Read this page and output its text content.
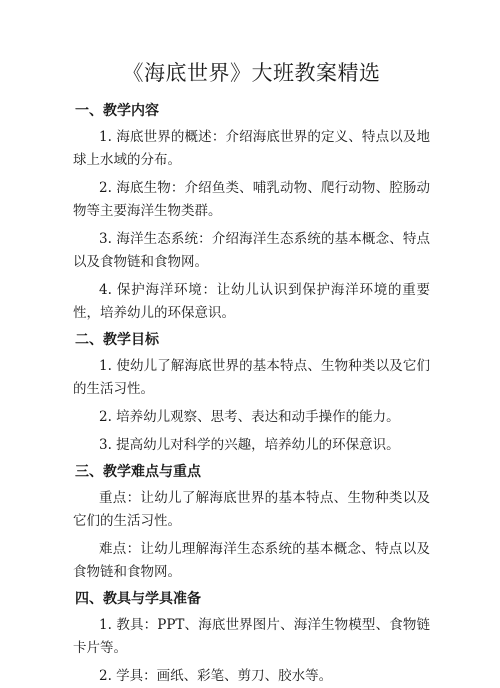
《海底世界》大班教案精选
一、教学内容

1. 海底世界的概述：介绍海底世界的定义、特点以及地球上水域的分布。

2. 海底生物：介绍鱼类、哺乳动物、爬行动物、腔肠动物等主要海洋生物类群。

3. 海洋生态系统：介绍海洋生态系统的基本概念、特点以及食物链和食物网。

4. 保护海洋环境：让幼儿认识到保护海洋环境的重要性，培养幼儿的环保意识。

二、教学目标

1. 使幼儿了解海底世界的基本特点、生物种类以及它们的生活习性。

2. 培养幼儿观察、思考、表达和动手操作的能力。

3. 提高幼儿对科学的兴趣，培养幼儿的环保意识。

三、教学难点与重点

重点：让幼儿了解海底世界的基本特点、生物种类以及它们的生活习性。

难点：让幼儿理解海洋生态系统的基本概念、特点以及食物链和食物网。

四、教具与学具准备

1. 教具：PPT、海底世界图片、海洋生物模型、食物链卡片等。

2. 学具：画纸、彩笔、剪刀、胶水等。
